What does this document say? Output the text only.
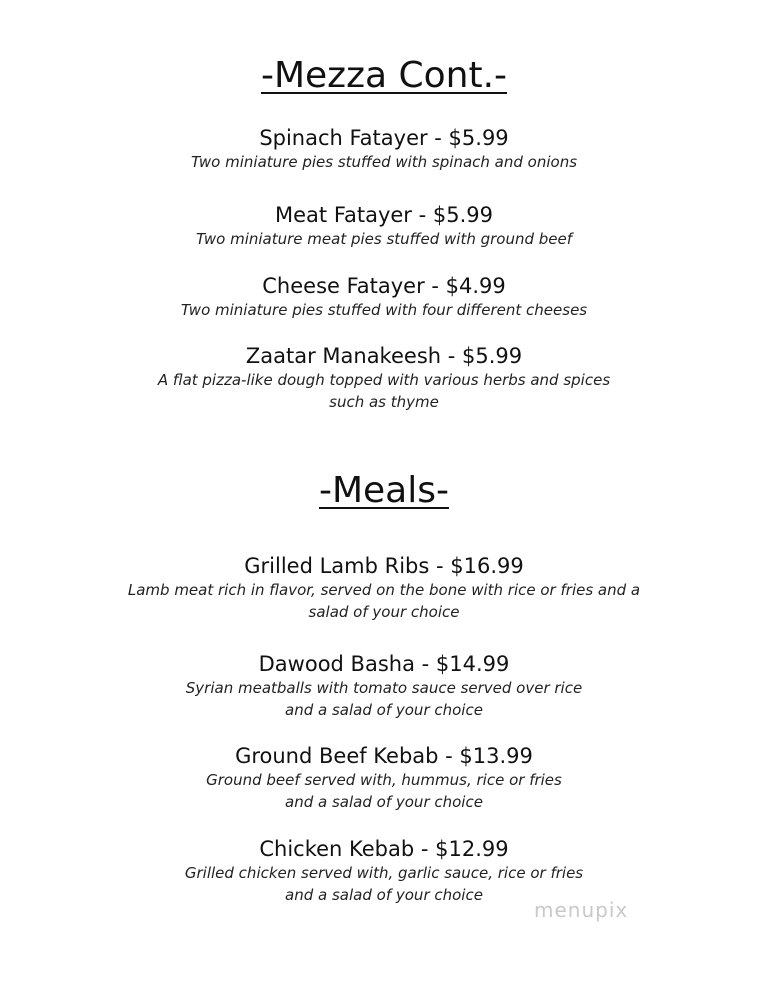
-Mezza Cont.-

Spinach Fatayer - $5.99

Two miniature pies stuffed with spinach and onions

Meat Fatayer - $5.99

Two miniature meat pies stuffed with ground beef

Cheese Fatayer - $4.99

Two miniature pies stuffed with four different cheeses

Zaatar Manakeesh - $5.99

A flat pizza-like dough topped with various herbs and spices

such as thyme

-Meals-

Grilled Lamb Ribs - $16.99

Lamb meat rich in flavor, served on the bone with rice or fries and a

salad of your choice

Dawood Basha - $14.99

Syrian meatballs with tomato sauce served over rice

and a salad of your choice

Ground Beef Kebab - $13.99

Ground beef served with, hummus, rice or fries

and a salad of your choice

Chicken Kebab - $12.99

Grilled chicken served with, garlic sauce, rice or fries

and a salad of your choice

menupix
